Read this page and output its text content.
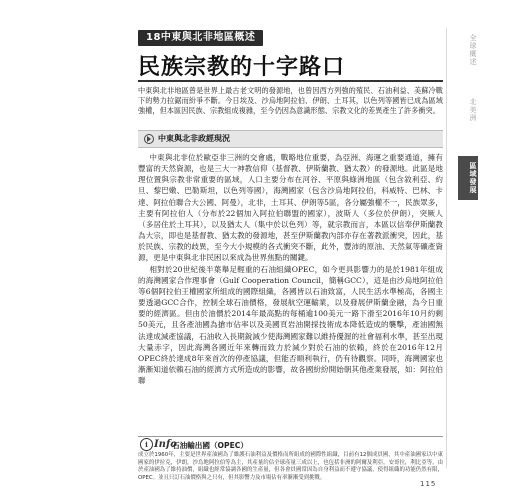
18中東與北非地區概述
民族宗教的十字路口
中東與北非地區曾是世界上最古老文明的發源地，也曾因西方列強的殖民、石油利益、美蘇冷戰下的勢力拉鋸而紛爭不斷。今日埃及、沙烏地阿拉伯、伊朗、土耳其，以色列等國皆已成為區域強權，但本區因民族、宗教組成複雜，至今仍因為意識形態、宗教文化的差異產生了許多衝突。
全球概述
北美洲
區域發展
中東與北非政經現況

中東與北非位於歐亞非三洲的交會處，戰略地位重要，為亞洲、海運之重要通道，擁有豐富的天然資源，也是三大一神教信仰（基督教、伊斯蘭教、猶太教）的發源地。此區是地理位置與宗教非常重要的區域，人口主要分布在河谷、平原與綠洲地區（包含敘利亞、約旦、黎巴嫩、巴勒斯坦，以色列等國），海灣國家（包含沙烏地阿拉伯，科威特、巴林、卡達、阿拉伯聯合大公國、阿曼），北非，土耳其、伊朗等5區，各分屬強權不一，民族眾多，主要有阿拉伯人（分布於22個加入阿拉伯聯盟的國家），波斯人（多位於伊朗），突厥人（多居住於土耳其），以及猶太人（集中於以色列）等，就宗教而言，本區以信奉伊斯蘭教為大宗，即也是基督教、猶太教的發源地，甚至伊斯蘭教內部亦存在著教派衝突，因此，基於民族、宗教的歧異，至今大小規模的各式衝突不斷，此外，豐沛的原油、天然氣等礦產資源，更是中東與北非民困以來成為世界焦點的關鍵。

相對於20世紀後半葉舉足輕重的石油組織OPEC，如今更具影響力的是於1981年組成的海灣國家合作理事會（Gulf Cooperation Council，簡稱GCC），這是由沙烏地阿拉伯等6個阿拉伯王權國家所組成的國際組織，各國皆以石油致富，人民生活水準極高，各國主要透過GCC合作，控制全球石油價格，發展航空運輸業，以及發展伊斯蘭金融，為今日重要的經濟區。但由於油價於2014年最高點的每桶逾100美元一路下滑至2016年10月約剩50美元，且各產油國為搶市佔率以及美國頁岩油開採技術成本降低造成的襲擊，產油國無法達成減產協議，石油收入長期銳減少使海灣國家難以維持優渥的社會福利水準，甚至出現大量赤字，因此海灣各國近年來轉而致力於減少對於石油的依賴，終於在2016年12月OPEC終於達成8年來首次的停產協議，但能否順利執行，仍有待觀察。同時，海灣國家也漸漸知道依賴石油的經濟方式所造成的影響，故各國紛紛開始朝其他產業發展，如：阿拉伯聯

i Info
石油輸出國（OPEC）
成立於1960年，主要是世界產油國為了維護石油利益及價格而所組成的國際性組織，目前有12個成員國，其中產油國家以中東國家的伊拉克，伊朗，沙烏地阿拉伯等為主，其產量約佔全球產量三成以上，也包括非洲的阿爾及利亞，安哥拉，利比亞等。由於產油國為了維持油價，組織也經常協調各國的生產量，但各會員國常因為自身利益而不遵守協議，使得組織的功能仍然有限，OPEC。並且只訂石油價格與之只有，但其影響力及市場佔有率漸漸受到挑戰。
115
